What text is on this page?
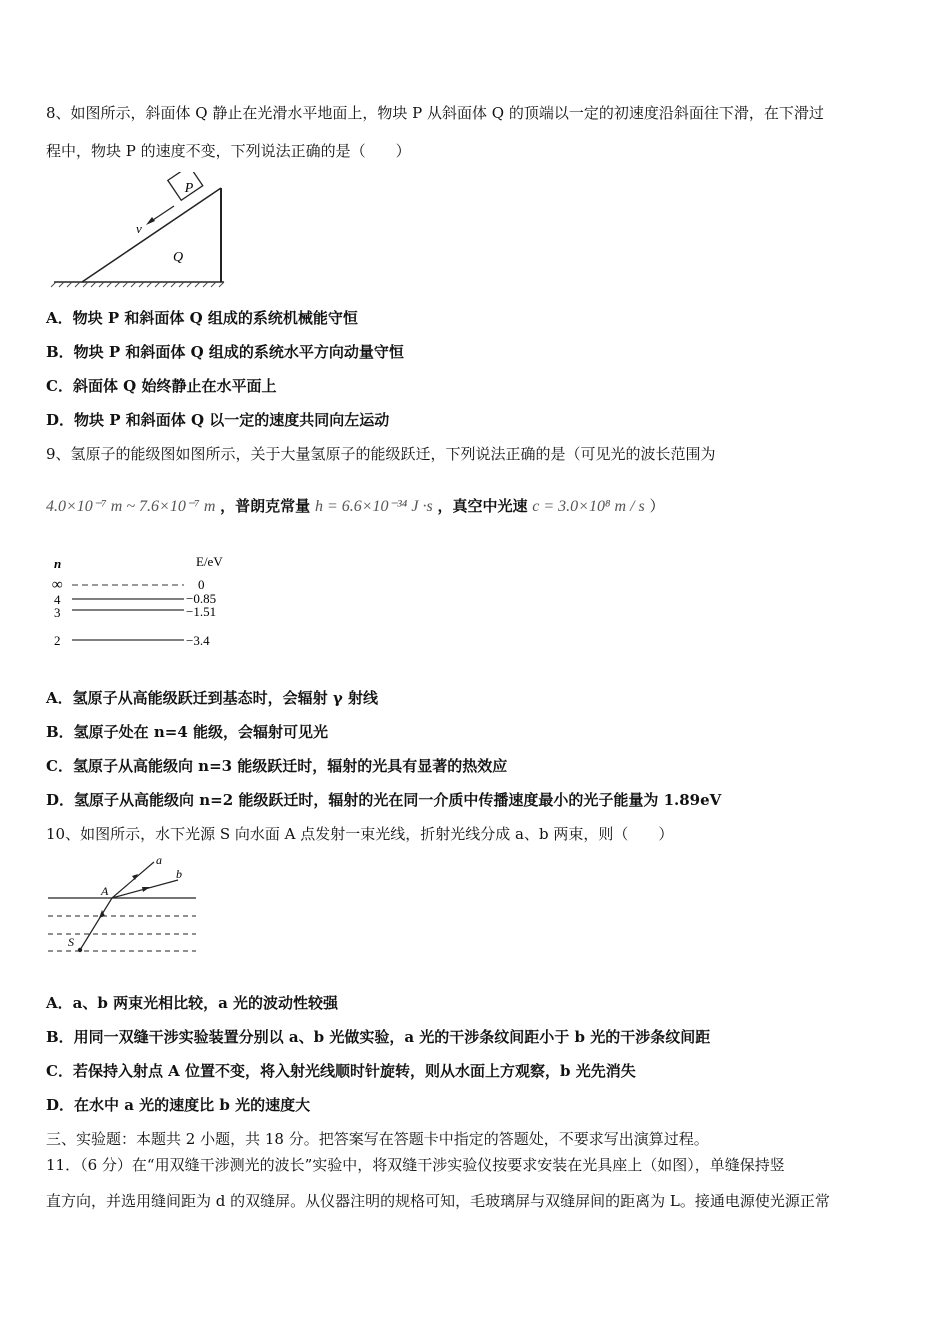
8、如图所示，斜面体 Q 静止在光滑水平地面上，物块 P 从斜面体 Q 的顶端以一定的初速度沿斜面往下滑，在下滑过
程中，物块 P 的速度不变，下列说法正确的是（　　）
P
v
Q
A．物块 P 和斜面体 Q 组成的系统机械能守恒
B．物块 P 和斜面体 Q 组成的系统水平方向动量守恒
C．斜面体 Q 始终静止在水平面上
D．物块 P 和斜面体 Q 以一定的速度共同向左运动
9、氢原子的能级图如图所示，关于大量氢原子的能级跃迁，下列说法正确的是（可见光的波长范围为
4.0×10⁻⁷ m ~ 7.6×10⁻⁷ m ，普朗克常量 h = 6.6×10⁻³⁴ J ·s ，真空中光速 c = 3.0×10⁸ m / s ）
n	E/eV
∞	0
4	−0.85
3	−1.51
2	−3.4
A．氢原子从高能级跃迁到基态时，会辐射 γ 射线
B．氢原子处在 n=4 能级，会辐射可见光
C．氢原子从高能级向 n=3 能级跃迁时，辐射的光具有显著的热效应
D．氢原子从高能级向 n=2 能级跃迁时，辐射的光在同一介质中传播速度最小的光子能量为 1.89eV
10、如图所示，水下光源 S 向水面 A 点发射一束光线，折射光线分成 a、b 两束，则（　　）
a
b
A
S
A．a、b 两束光相比较，a 光的波动性较强
B．用同一双缝干涉实验装置分别以 a、b 光做实验，a 光的干涉条纹间距小于 b 光的干涉条纹间距
C．若保持入射点 A 位置不变，将入射光线顺时针旋转，则从水面上方观察，b 光先消失
D．在水中 a 光的速度比 b 光的速度大
三、实验题：本题共 2 小题，共 18 分。把答案写在答题卡中指定的答题处，不要求写出演算过程。
11．（6 分）在“用双缝干涉测光的波长”实验中，将双缝干涉实验仪按要求安装在光具座上（如图），单缝保持竖
直方向，并选用缝间距为 d 的双缝屏。从仪器注明的规格可知，毛玻璃屏与双缝屏间的距离为 L。接通电源使光源正常
